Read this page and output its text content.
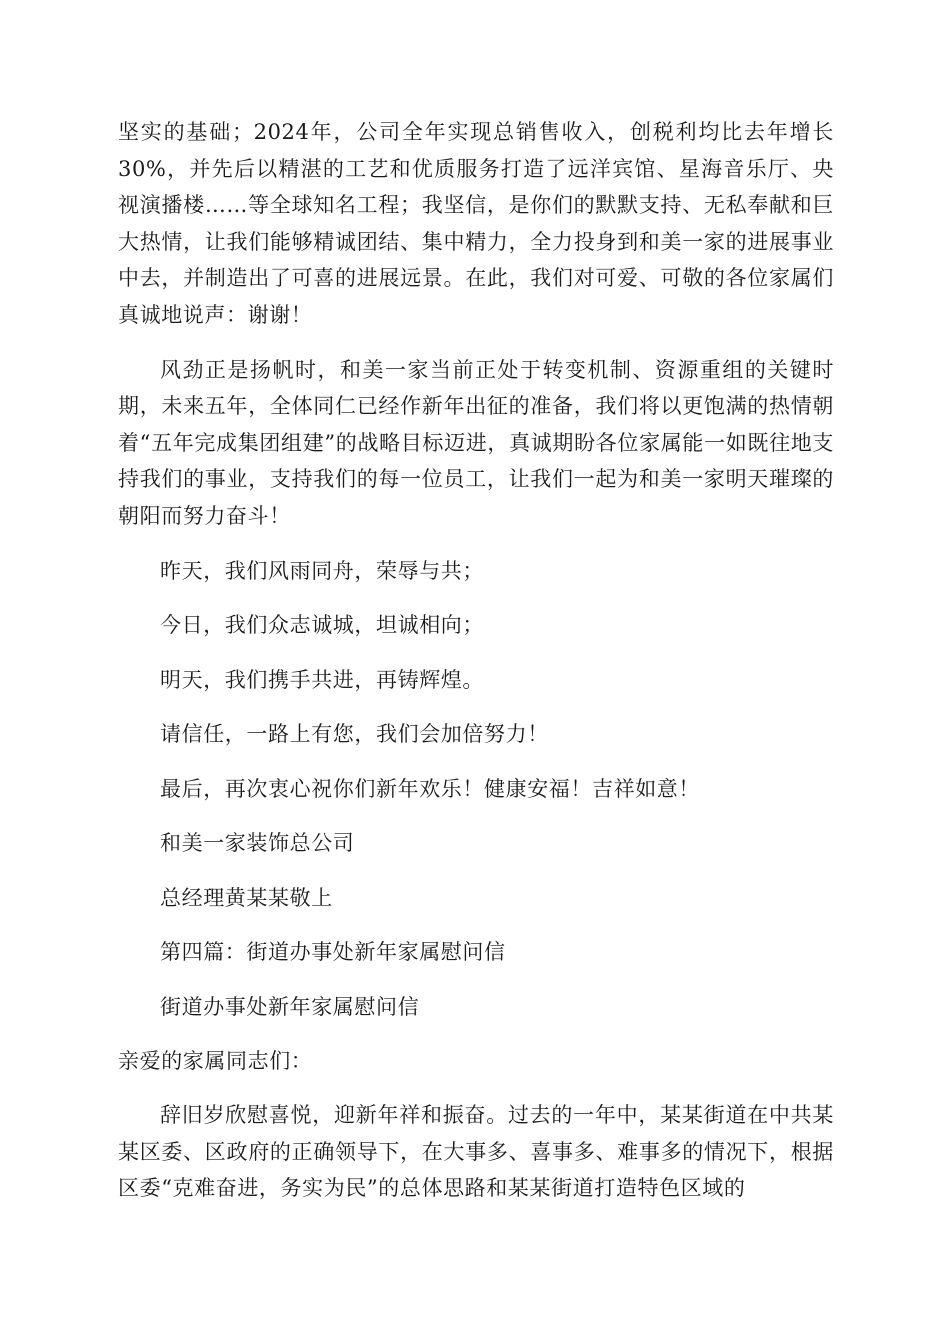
坚实的基础；2024年，公司全年实现总销售收入，创税利均比去年增长30%，并先后以精湛的工艺和优质服务打造了远洋宾馆、星海音乐厅、央视演播楼……等全球知名工程；我坚信，是你们的默默支持、无私奉献和巨大热情，让我们能够精诚团结、集中精力，全力投身到和美一家的进展事业中去，并制造出了可喜的进展远景。在此，我们对可爱、可敬的各位家属们真诚地说声：谢谢！

风劲正是扬帆时，和美一家当前正处于转变机制、资源重组的关键时期，未来五年，全体同仁已经作新年出征的准备，我们将以更饱满的热情朝着“五年完成集团组建”的战略目标迈进，真诚期盼各位家属能一如既往地支持我们的事业，支持我们的每一位员工，让我们一起为和美一家明天璀璨的朝阳而努力奋斗！

昨天，我们风雨同舟，荣辱与共；

今日，我们众志诚城，坦诚相向；

明天，我们携手共进，再铸辉煌。

请信任，一路上有您，我们会加倍努力！

最后，再次衷心祝你们新年欢乐！健康安福！吉祥如意！

和美一家装饰总公司

总经理黄某某敬上

第四篇：街道办事处新年家属慰问信

街道办事处新年家属慰问信

亲爱的家属同志们：

辞旧岁欣慰喜悦，迎新年祥和振奋。过去的一年中，某某街道在中共某某区委、区政府的正确领导下，在大事多、喜事多、难事多的情况下，根据区委“克难奋进，务实为民”的总体思路和某某街道打造特色区域的
